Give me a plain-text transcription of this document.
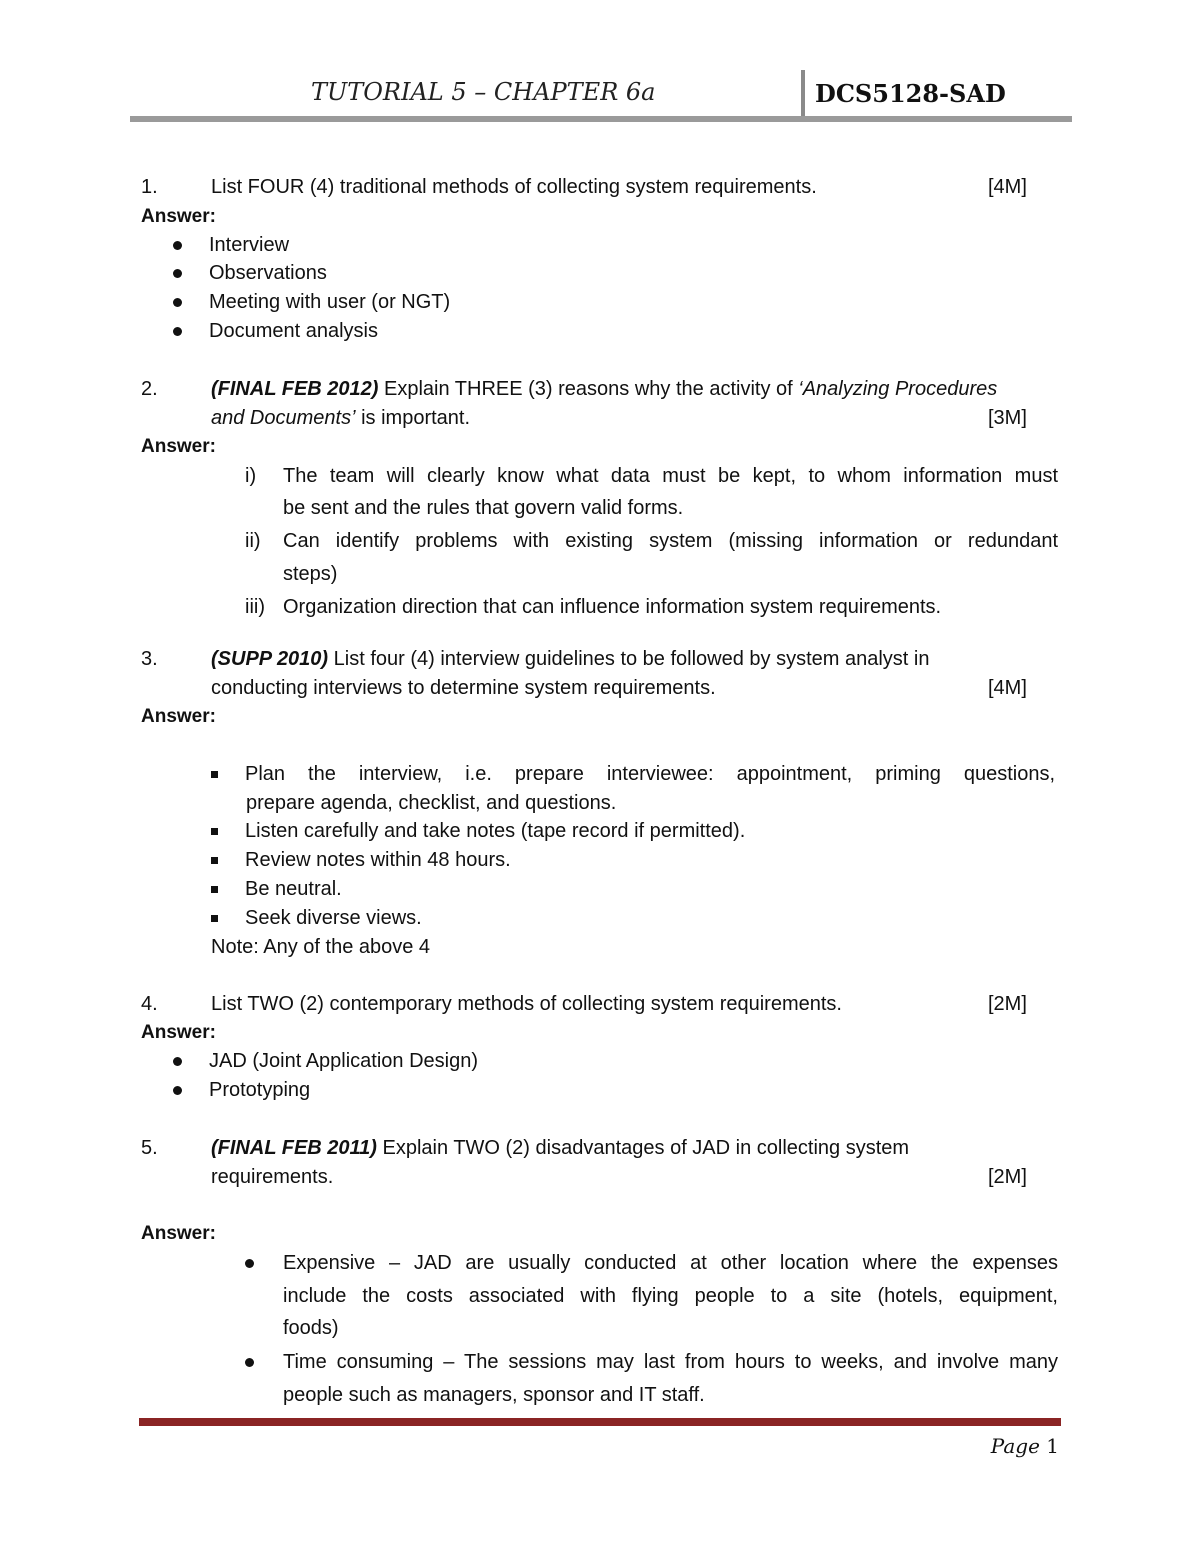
TUTORIAL 5 – CHAPTER 6a	DCS5128-SAD
1.	List FOUR (4) traditional methods of collecting system requirements.	[4M]
Answer:
Interview
Observations
Meeting with user (or NGT)
Document analysis
2.	(FINAL FEB 2012) Explain THREE (3) reasons why the activity of ‘Analyzing Procedures
and Documents’ is important.	[3M]
Answer:
i)	The team will clearly know what data must be kept, to whom information must
be sent and the rules that govern valid forms.
ii)	Can identify problems with existing system (missing information or redundant
steps)
iii) Organization direction that can influence information system requirements.
3.	(SUPP 2010) List four (4) interview guidelines to be followed by system analyst in
conducting interviews to determine system requirements.	[4M]
Answer:
Plan the interview, i.e. prepare interviewee: appointment, priming questions,
prepare agenda, checklist, and questions.
Listen carefully and take notes (tape record if permitted).
Review notes within 48 hours.
Be neutral.
Seek diverse views.
Note: Any of the above 4
4.	List TWO (2) contemporary methods of collecting system requirements.	[2M]
Answer:
JAD (Joint Application Design)
Prototyping
5.	(FINAL FEB 2011) Explain TWO (2) disadvantages of JAD in collecting system
requirements.	[2M]
Answer:
Expensive – JAD are usually conducted at other location where the expenses
include the costs associated with flying people to a site (hotels, equipment,
foods)
Time consuming – The sessions may last from hours to weeks, and involve many
people such as managers, sponsor and IT staff.
Page 1
